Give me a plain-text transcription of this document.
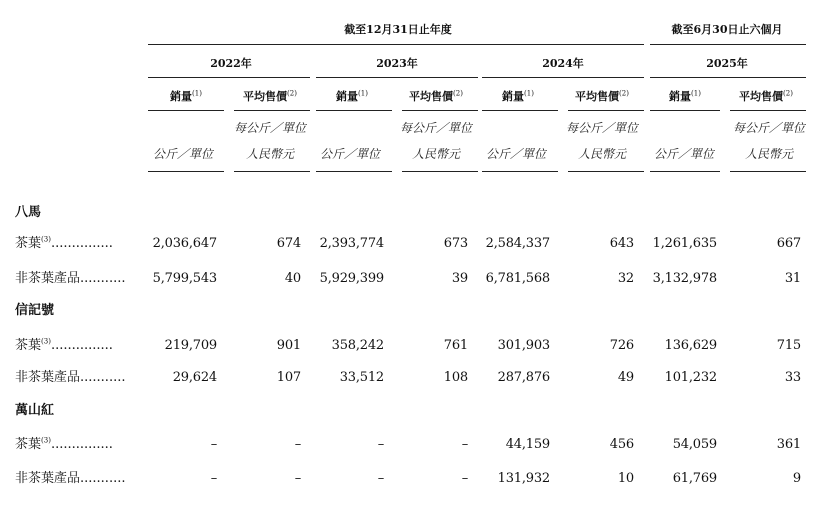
截至12月31日止年度	截至6月30日止六個月
2022年	2023年	2024年	2025年
銷量$^{(1)}$	平均售價$^{(2)}$	銷量$^{(1)}$	平均售價$^{(2)}$	銷量$^{(1)}$	平均售價$^{(2)}$	銷量$^{(1)}$	平均售價$^{(2)}$
每公斤／單位	每公斤／單位	每公斤／單位	每公斤／單位
公斤／單位	人民幣元 公斤／單位	人民幣元 公斤／單位	人民幣元 公斤／單位	人民幣元
八馬
茶葉$^{(3)}$...............	2,036,647	674 2,393,774	673 2,584,337	643 1,261,635	667
非茶葉產品........... 5,799,543	40 5,929,399	39 6,781,568	32 3,132,978	31
信記號
茶葉$^{(3)}$...............	219,709	901 358,242	761 301,903	726 136,629	715
非茶葉產品...........	29,624	107	33,512	108 287,876	49 101,232	33
萬山紅
茶葉$^{(3)}$...............	–	–	–	–	44,159	456	54,059	361
非茶葉產品...........	–	–	–	– 131,932	10	61,769	9
